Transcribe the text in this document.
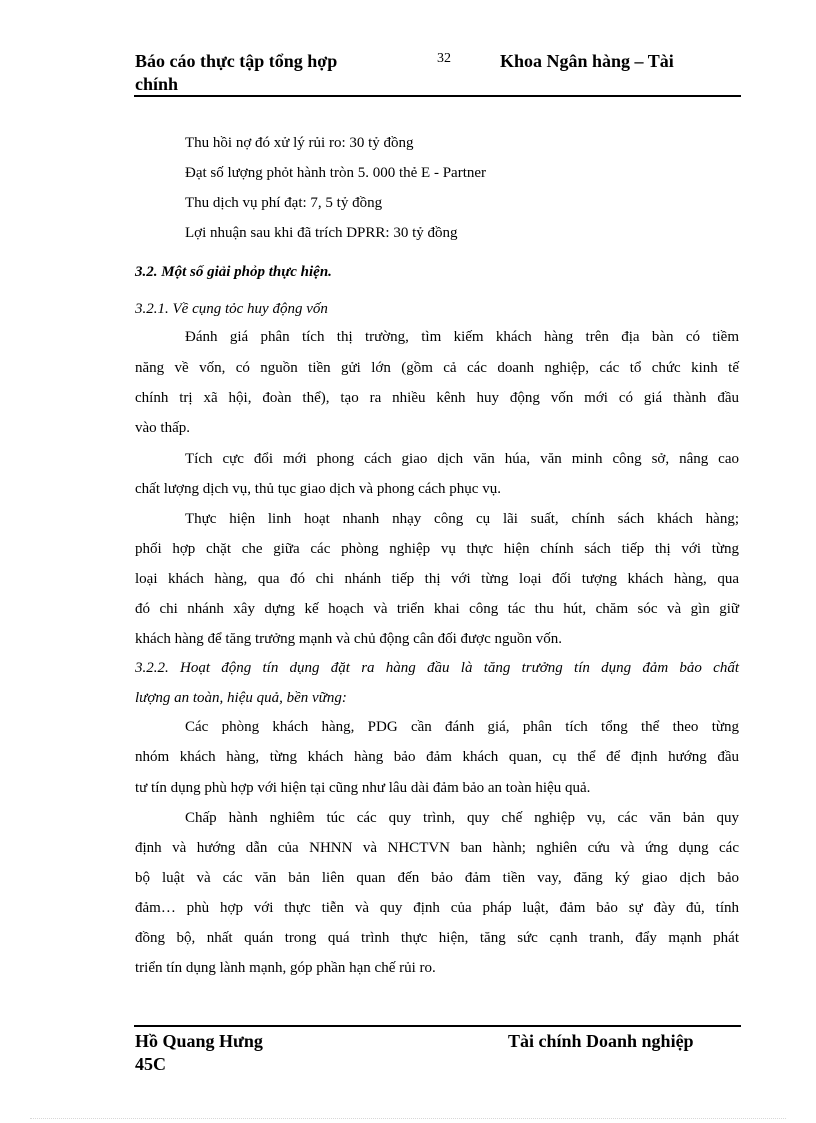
Báo cáo thực tập tổng hợp chính
32	Khoa Ngân hàng – Tài
Thu hồi nợ đó xử lý rủi ro: 30 tỷ đồng
Đạt số lượng phỏt hành tròn 5. 000 thẻ E - Partner
Thu dịch vụ phí đạt: 7, 5 tỷ đồng
Lợi nhuận sau khi đã trích DPRR: 30 tỷ đồng
3.2. Một số giải phỏp thực hiện.
3.2.1. Về cụng tỏc huy động vốn
Đánh giá phân tích thị trường, tìm kiếm khách hàng trên địa bàn có tiềm
năng về vốn, có nguồn tiền gửi lớn (gồm cả các doanh nghiệp, các tổ chức kinh tế
chính trị xã hội, đoàn thể), tạo ra nhiều kênh huy động vốn mới có giá thành đầu
vào thấp.
Tích cực đổi mới phong cách giao dịch văn húa, văn minh công sở, nâng cao
chất lượng dịch vụ, thủ tục giao dịch và phong cách phục vụ.
Thực hiện linh hoạt nhanh nhạy công cụ lãi suất, chính sách khách hàng;
phối hợp chặt che giữa các phòng nghiệp vụ thực hiện chính sách tiếp thị với từng
loại khách hàng, qua đó chi nhánh tiếp thị với từng loại đối tượng khách hàng, qua
đó chi nhánh xây dựng kế hoạch và triển khai công tác thu hút, chăm sóc và gìn giữ
khách hàng để tăng trưởng mạnh và chủ động cân đối được nguồn vốn.
3.2.2. Hoạt động tín dụng đặt ra hàng đầu là tăng trưởng tín dụng đảm bảo chất
lượng an toàn, hiệu quả, bền vững:
Các phòng khách hàng, PDG cần đánh giá, phân tích tổng thể theo từng
nhóm khách hàng, từng khách hàng bảo đảm khách quan, cụ thể để định hướng đầu
tư tín dụng phù hợp với hiện tại cũng như lâu dài đảm bảo an toàn hiệu quả.
Chấp hành nghiêm túc các quy trình, quy chế nghiệp vụ, các văn bản quy
định và hướng dẫn của NHNN và NHCTVN ban hành; nghiên cứu và ứng dụng các
bộ luật và các văn bản liên quan đến bảo đảm tiền vay, đăng ký giao dịch bảo
đảm… phù hợp với thực tiễn và quy định của pháp luật, đảm bảo sự đày đủ, tính
đồng bộ, nhất quán trong quá trình thực hiện, tăng sức cạnh tranh, đẩy mạnh phát
triển tín dụng lành mạnh, góp phần hạn chế rủi ro.
Hồ Quang Hưng 45C
Tài chính Doanh nghiệp
